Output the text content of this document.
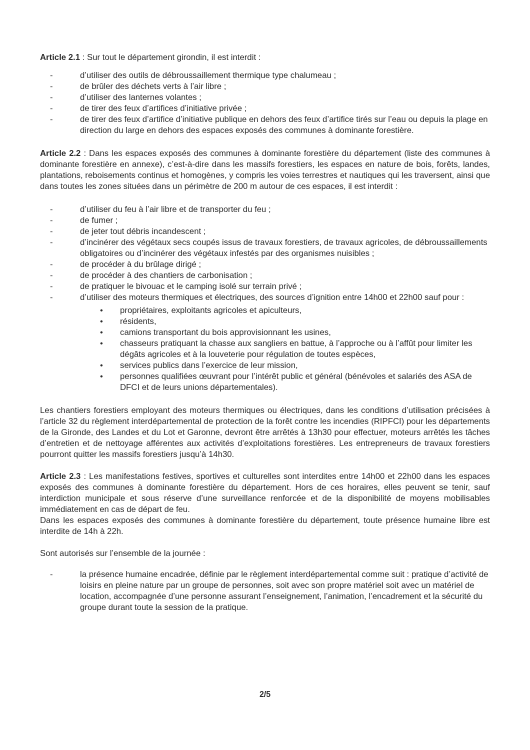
Article 2.1 : Sur tout le département girondin, il est interdit :

- d’utiliser des outils de débroussaillement thermique type chalumeau ;
- de brûler des déchets verts à l’air libre ;
- d’utiliser des lanternes volantes ;
- de tirer des feux d’artifices d’initiative privée ;
- de tirer des feux d’artifice d’initiative publique en dehors des feux d’artifice tirés sur l’eau ou depuis la plage en direction du large en dehors des espaces exposés des communes à dominante forestière.

Article 2.2 : Dans les espaces exposés des communes à dominante forestière du département (liste des communes à dominante forestière en annexe), c’est-à-dire dans les massifs forestiers, les espaces en nature de bois, forêts, landes, plantations, reboisements continus et homogènes, y compris les voies terrestres et nautiques qui les traversent, ainsi que dans toutes les zones situées dans un périmètre de 200 m autour de ces espaces, il est interdit :

- d’utiliser du feu à l’air libre et de transporter du feu ;
- de fumer ;
- de jeter tout débris incandescent ;
- d’incinérer des végétaux secs coupés issus de travaux forestiers, de travaux agricoles, de débroussaillements obligatoires ou d’incinérer des végétaux infestés par des organismes nuisibles ;
- de procéder à du brûlage dirigé ;
- de procéder à des chantiers de carbonisation ;
- de pratiquer le bivouac et le camping isolé sur terrain privé ;
- d’utiliser des moteurs thermiques et électriques, des sources d’ignition entre 14h00 et 22h00 sauf pour :
• propriétaires, exploitants agricoles et apiculteurs,
• résidents,
• camions transportant du bois approvisionnant les usines,
• chasseurs pratiquant la chasse aux sangliers en battue, à l’approche ou à l’affût pour limiter les dégâts agricoles et à la louveterie pour régulation de toutes espèces,
• services publics dans l’exercice de leur mission,
• personnes qualifiées œuvrant pour l’intérêt public et général (bénévoles et salariés des ASA de DFCI et de leurs unions départementales).

Les chantiers forestiers employant des moteurs thermiques ou électriques, dans les conditions d’utilisation précisées à l’article 32 du règlement interdépartemental de protection de la forêt contre les incendies (RIPFCI) pour les départements de la Gironde, des Landes et du Lot et Garonne, devront être arrêtés à 13h30 pour effectuer, moteurs arrêtés les tâches d’entretien et de nettoyage afférentes aux activités d’exploitations forestières. Les entrepreneurs de travaux forestiers pourront quitter les massifs forestiers jusqu’à 14h30.

Article 2.3 : Les manifestations festives, sportives et culturelles sont interdites entre 14h00 et 22h00 dans les espaces exposés des communes à dominante forestière du département. Hors de ces horaires, elles peuvent se tenir, sauf interdiction municipale et sous réserve d’une surveillance renforcée et de la disponibilité de moyens mobilisables immédiatement en cas de départ de feu.

Dans les espaces exposés des communes à dominante forestière du département, toute présence humaine libre est interdite de 14h à 22h.

Sont autorisés sur l’ensemble de la journée :

- la présence humaine encadrée, définie par le règlement interdépartemental comme suit : pratique d’activité de loisirs en pleine nature par un groupe de personnes, soit avec son propre matériel soit avec un matériel de location, accompagnée d’une personne assurant l’enseignement, l’animation, l’encadrement et la sécurité du groupe durant toute la session de la pratique.
2/5
